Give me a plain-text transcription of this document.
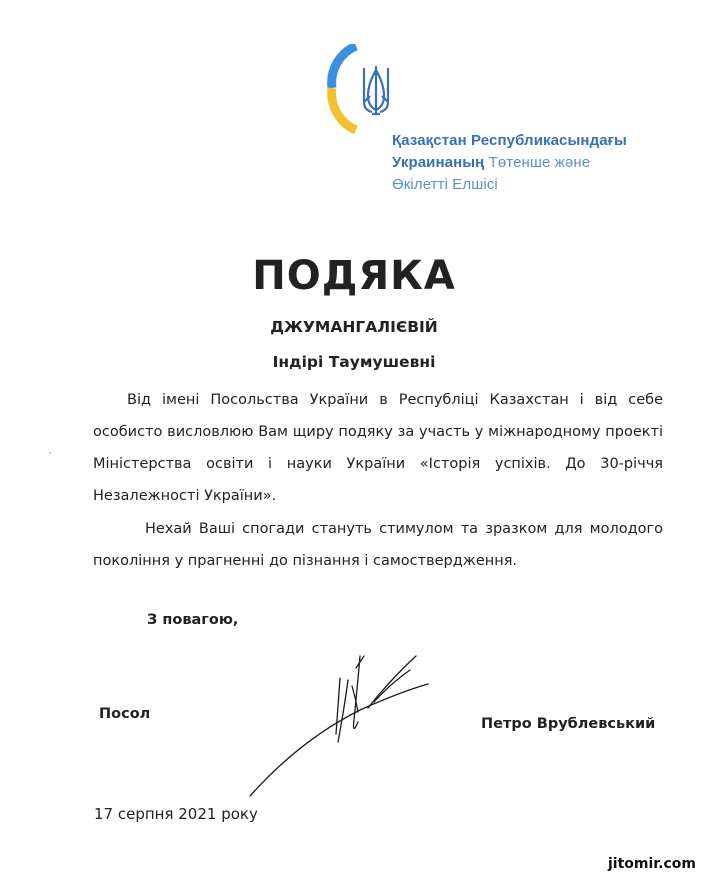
Қазақстан Республикасындағы
Украинаның Төтенше және
Өкілетті Елшісі
ПОДЯКА
ДЖУМАНГАЛІЄВІЙ
Індірі Таумушевні

Від імені Посольства України в Республіці Казахстан і від себе особисто висловлюю Вам щиру подяку за участь у міжнародному проекті Міністерства освіти і науки України «Історія успіхів. До 30-річчя Незалежності України».

Нехай Ваші спогади стануть стимулом та зразком для молодого покоління у прагненні до пізнання і самоствердження.

З повагою,
Посол
Петро Врублевський
17 серпня 2021 року
jitomir.com
